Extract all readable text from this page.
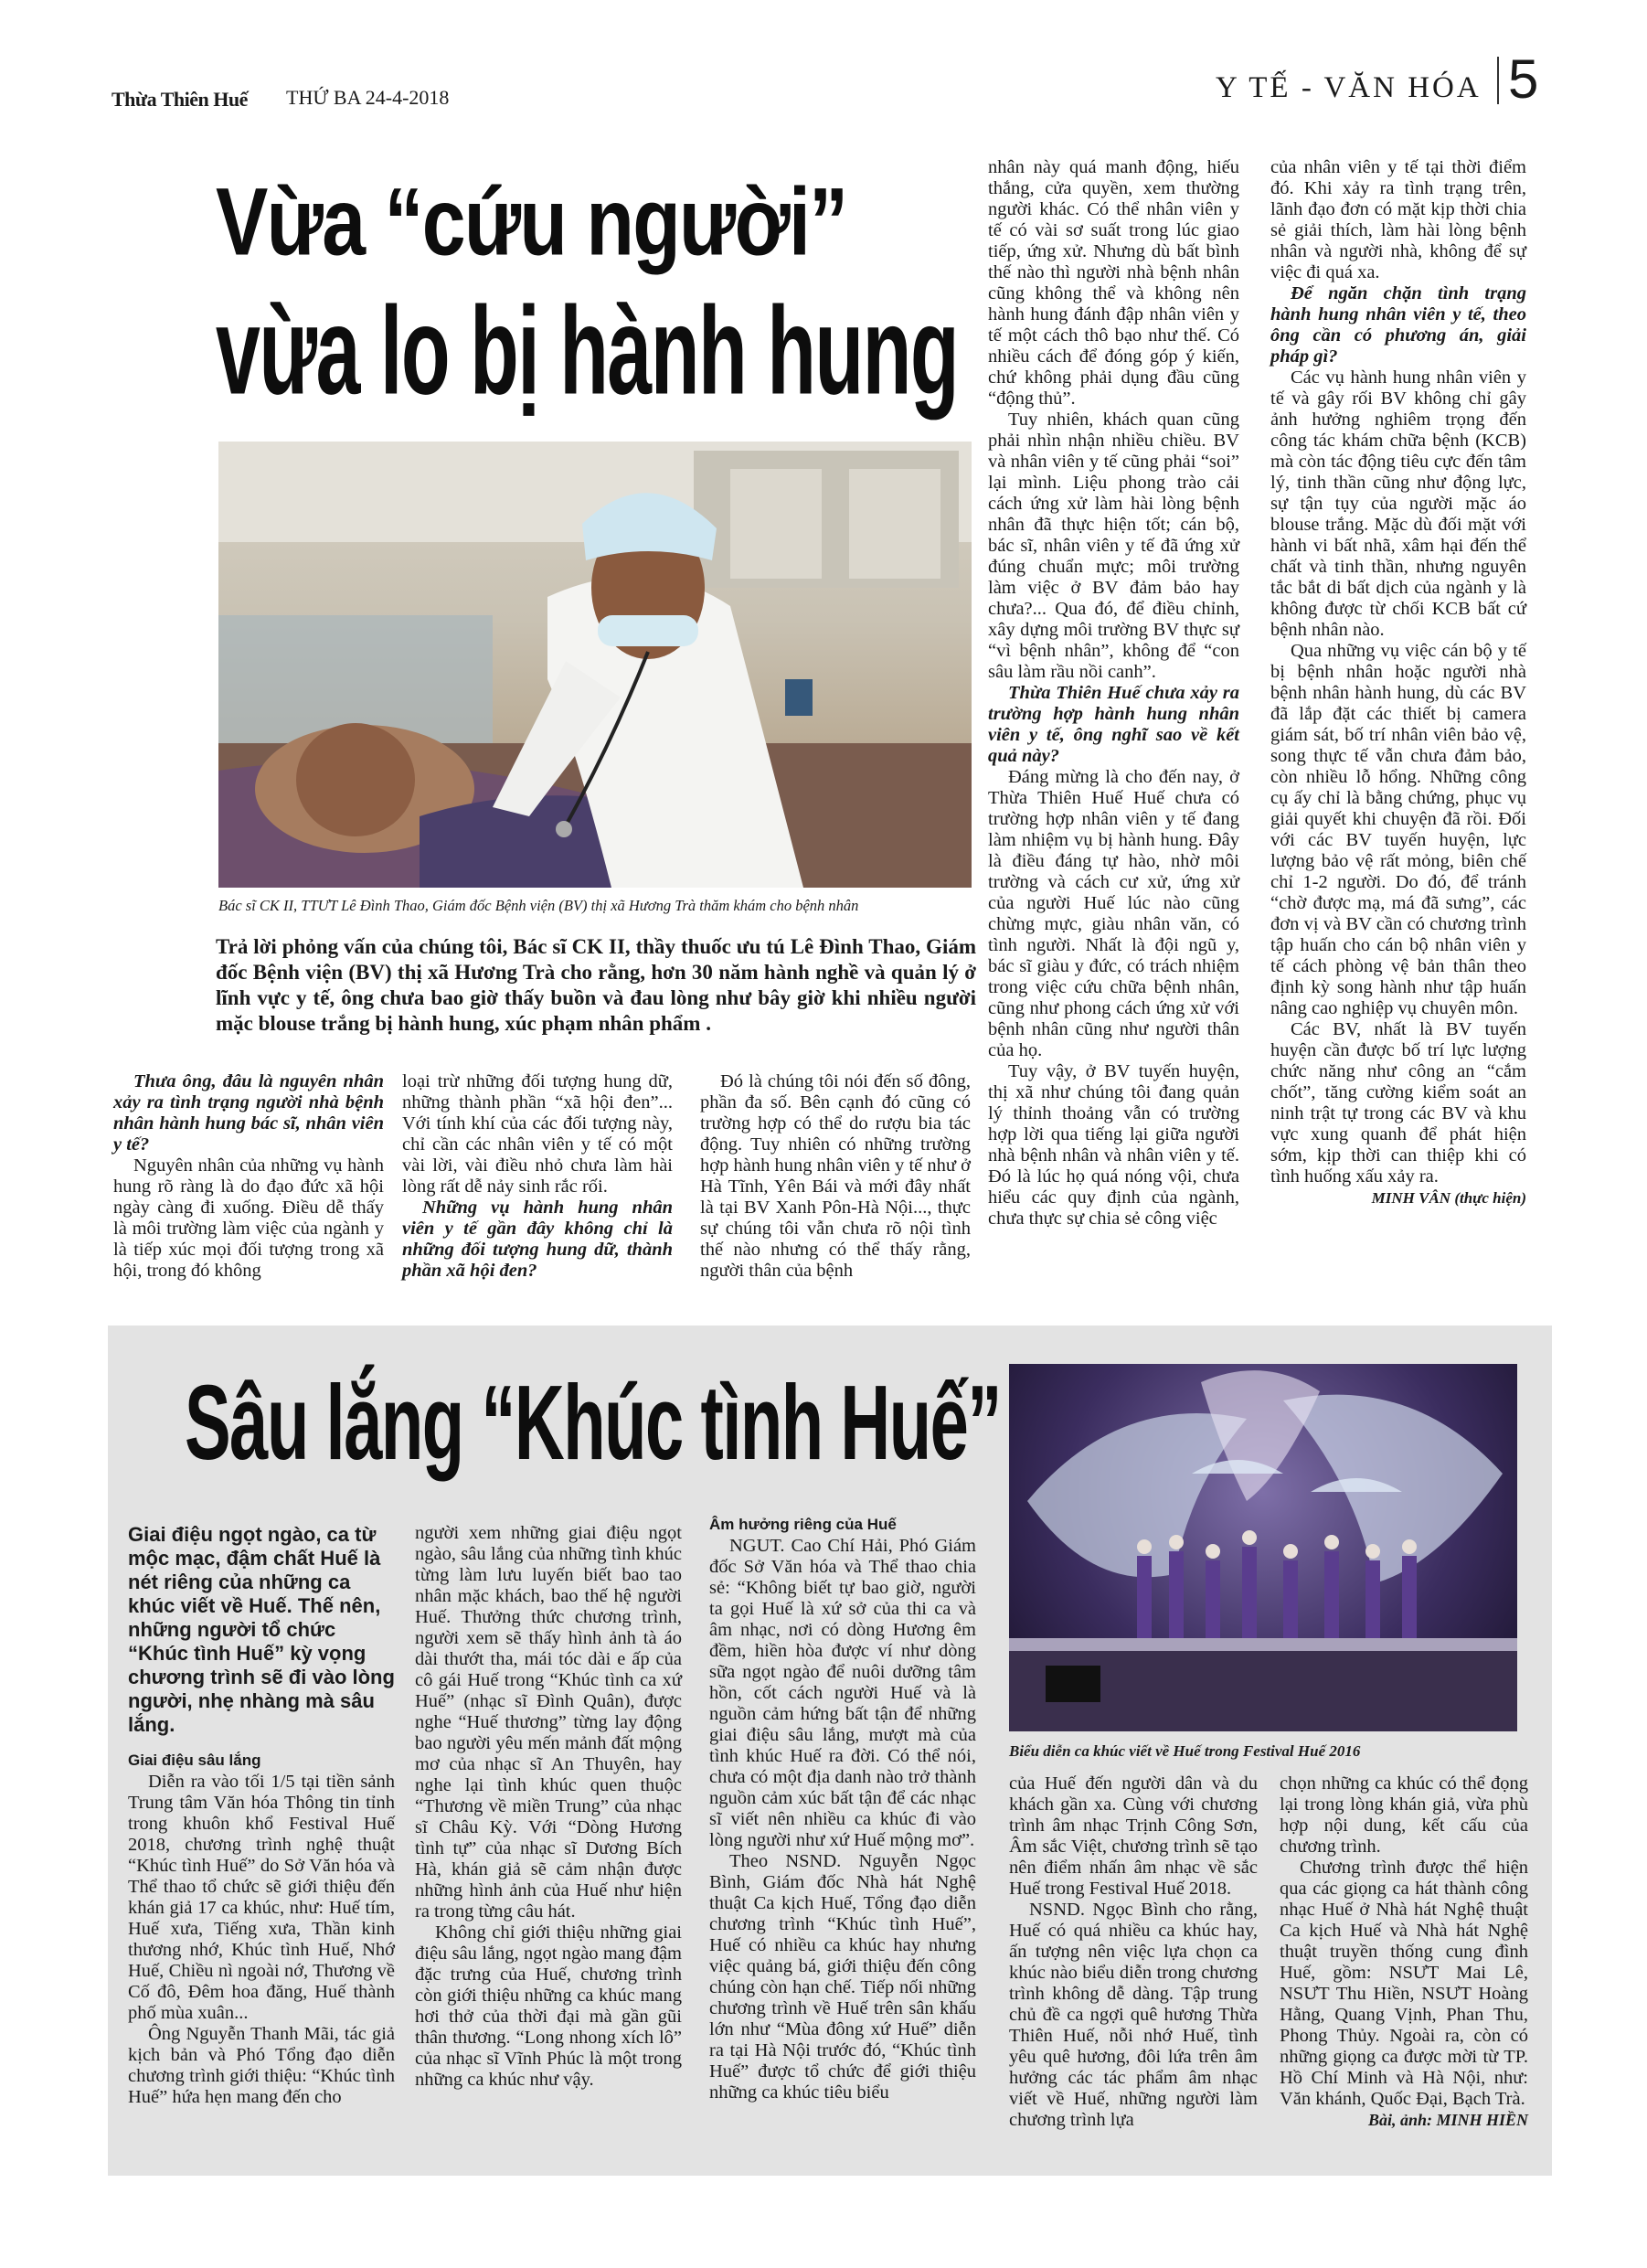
Thừa Thiên Huế THỨ BA 24-4-2018	Y TẾ - VĂN HÓA 5
Vừa “cứu người”
vừa lo bị hành hung
Bác sĩ CK II, TTƯT Lê Đình Thao, Giám đốc Bệnh viện (BV) thị xã Hương Trà thăm khám cho bệnh nhân
Trả lời phỏng vấn của chúng tôi, Bác sĩ CK II, thầy thuốc ưu tú Lê Đình Thao, Giám đốc Bệnh viện (BV) thị xã Hương Trà cho rằng, hơn 30 năm hành nghề và quản lý ở lĩnh vực y tế, ông chưa bao giờ thấy buồn và đau lòng như bây giờ khi nhiều người mặc blouse trắng bị hành hung, xúc phạm nhân phẩm .

Thưa ông, đâu là nguyên nhân xảy ra tình trạng người nhà bệnh nhân hành hung bác sĩ, nhân viên y tế?

Nguyên nhân của những vụ hành hung rõ ràng là do đạo đức xã hội ngày càng đi xuống. Điều dễ thấy là môi trường làm việc của ngành y là tiếp xúc mọi đối tượng trong xã hội, trong đó không

loại trừ những đối tượng hung dữ, những thành phần “xã hội đen”... Với tính khí của các đối tượng này, chỉ cần các nhân viên y tế có một vài lời, vài điều nhỏ chưa làm hài lòng rất dễ nảy sinh rắc rối.

Những vụ hành hung nhân viên y tế gần đây không chỉ là những đối tượng hung dữ, thành phần xã hội đen?

Đó là chúng tôi nói đến số đông, phần đa số. Bên cạnh đó cũng có trường hợp có thể do rượu bia tác động. Tuy nhiên có những trường hợp hành hung nhân viên y tế như ở Hà Tĩnh, Yên Bái và mới đây nhất là tại BV Xanh Pôn-Hà Nội..., thực sự chúng tôi vẫn chưa rõ nội tình thế nào nhưng có thể thấy rằng, người thân của bệnh

nhân này quá manh động, hiếu thắng, cửa quyền, xem thường người khác. Có thể nhân viên y tế có vài sơ suất trong lúc giao tiếp, ứng xử. Nhưng dù bất bình thế nào thì người nhà bệnh nhân cũng không thể và không nên hành hung đánh đập nhân viên y tế một cách thô bạo như thế. Có nhiều cách để đóng góp ý kiến, chứ không phải dụng đầu cũng “động thủ”.

Tuy nhiên, khách quan cũng phải nhìn nhận nhiều chiều. BV và nhân viên y tế cũng phải “soi” lại mình. Liệu phong trào cải cách ứng xử làm hài lòng bệnh nhân đã thực hiện tốt; cán bộ, bác sĩ, nhân viên y tế đã ứng xử đúng chuẩn mực; môi trường làm việc ở BV đảm bảo hay chưa?... Qua đó, để điều chỉnh, xây dựng môi trường BV thực sự “vì bệnh nhân”, không để “con sâu làm rầu nồi canh”.

Thừa Thiên Huế chưa xảy ra trường hợp hành hung nhân viên y tế, ông nghĩ sao về kết quả này?

Đáng mừng là cho đến nay, ở Thừa Thiên Huế Huế chưa có trường hợp nhân viên y tế đang làm nhiệm vụ bị hành hung. Đây là điều đáng tự hào, nhờ môi trường và cách cư xử, ứng xử của người Huế lúc nào cũng chừng mực, giàu nhân văn, có tình người. Nhất là đội ngũ y, bác sĩ giàu y đức, có trách nhiệm trong việc cứu chữa bệnh nhân, cũng như phong cách ứng xử với bệnh nhân cũng như người thân của họ.

Tuy vậy, ở BV tuyến huyện, thị xã như chúng tôi đang quản lý thỉnh thoảng vẫn có trường hợp lời qua tiếng lại giữa người nhà bệnh nhân và nhân viên y tế. Đó là lúc họ quá nóng vội, chưa hiểu các quy định của ngành, chưa thực sự chia sẻ công việc

của nhân viên y tế tại thời điểm đó. Khi xảy ra tình trạng trên, lãnh đạo đơn có mặt kịp thời chia sẻ giải thích, làm hài lòng bệnh nhân và người nhà, không để sự việc đi quá xa.

Để ngăn chặn tình trạng hành hung nhân viên y tế, theo ông cần có phương án, giải pháp gì?

Các vụ hành hung nhân viên y tế và gây rối BV không chỉ gây ảnh hưởng nghiêm trọng đến công tác khám chữa bệnh (KCB) mà còn tác động tiêu cực đến tâm lý, tinh thần cũng như động lực, sự tận tụy của người mặc áo blouse trắng. Mặc dù đối mặt với hành vi bất nhã, xâm hại đến thể chất và tinh thần, nhưng nguyên tắc bắt di bất dịch của ngành y là không được từ chối KCB bất cứ bệnh nhân nào.

Qua những vụ việc cán bộ y tế bị bệnh nhân hoặc người nhà bệnh nhân hành hung, dù các BV đã lắp đặt các thiết bị camera giám sát, bố trí nhân viên bảo vệ, song thực tế vẫn chưa đảm bảo, còn nhiều lỗ hổng. Những công cụ ấy chỉ là bằng chứng, phục vụ giải quyết khi chuyện đã rồi. Đối với các BV tuyến huyện, lực lượng bảo vệ rất mỏng, biên chế chỉ 1-2 người. Do đó, để tránh “chờ được mạ, má đã sưng”, các đơn vị và BV cần có chương trình tập huấn cho cán bộ nhân viên y tế cách phòng vệ bản thân theo định kỳ song hành như tập huấn nâng cao nghiệp vụ chuyên môn.

Các BV, nhất là BV tuyến huyện cần được bố trí lực lượng chức năng như công an “cắm chốt”, tăng cường kiểm soát an ninh trật tự trong các BV và khu vực xung quanh để phát hiện sớm, kịp thời can thiệp khi có tình huống xấu xảy ra.

MINH VÂN (thực hiện)

Sâu lắng “Khúc tình Huế”
Biểu diễn ca khúc viết về Huế trong Festival Huế 2016

Giai điệu ngọt ngào, ca từ mộc mạc, đậm chất Huế là nét riêng của những ca khúc viết về Huế. Thế nên, những người tổ chức “Khúc tình Huế” kỳ vọng chương trình sẽ đi vào lòng người, nhẹ nhàng mà sâu lắng.

Giai điệu sâu lắng

Diễn ra vào tối 1/5 tại tiền sảnh Trung tâm Văn hóa Thông tin tỉnh trong khuôn khổ Festival Huế 2018, chương trình nghệ thuật “Khúc tình Huế” do Sở Văn hóa và Thể thao tổ chức sẽ giới thiệu đến khán giả 17 ca khúc, như: Huế tím, Huế xưa, Tiếng xưa, Thần kinh thương nhớ, Khúc tình Huế, Nhớ Huế, Chiều nì ngoài nớ, Thương về Cố đô, Đêm hoa đăng, Huế thành phố mùa xuân...

Ông Nguyễn Thanh Mãi, tác giả kịch bản và Phó Tổng đạo diễn chương trình giới thiệu: “Khúc tình Huế” hứa hẹn mang đến cho

người xem những giai điệu ngọt ngào, sâu lắng của những tình khúc từng làm lưu luyến biết bao tao nhân mặc khách, bao thế hệ người Huế. Thưởng thức chương trình, người xem sẽ thấy hình ảnh tà áo dài thướt tha, mái tóc dài e ấp của cô gái Huế trong “Khúc tình ca xứ Huế” (nhạc sĩ Đình Quân), được nghe “Huế thương” từng lay động bao người yêu mến mảnh đất mộng mơ của nhạc sĩ An Thuyên, hay nghe lại tình khúc quen thuộc “Thương về miền Trung” của nhạc sĩ Châu Kỳ. Với “Dòng Hương tình tự” của nhạc sĩ Dương Bích Hà, khán giả sẽ cảm nhận được những hình ảnh của Huế như hiện ra trong từng câu hát.

Không chỉ giới thiệu những giai điệu sâu lắng, ngọt ngào mang đậm đặc trưng của Huế, chương trình còn giới thiệu những ca khúc mang hơi thở của thời đại mà gần gũi thân thương. “Long nhong xích lô” của nhạc sĩ Vĩnh Phúc là một trong những ca khúc như vậy.

Âm hưởng riêng của Huế

NGUT. Cao Chí Hải, Phó Giám đốc Sở Văn hóa và Thể thao chia sẻ: “Không biết tự bao giờ, người ta gọi Huế là xứ sở của thi ca và âm nhạc, nơi có dòng Hương êm đềm, hiền hòa được ví như dòng sữa ngọt ngào để nuôi dưỡng tâm hồn, cốt cách người Huế và là nguồn cảm hứng bất tận để những giai điệu sâu lắng, mượt mà của tình khúc Huế ra đời. Có thể nói, chưa có một địa danh nào trở thành nguồn cảm xúc bất tận để các nhạc sĩ viết nên nhiều ca khúc đi vào lòng người như xứ Huế mộng mơ”.

Theo NSND. Nguyễn Ngọc Bình, Giám đốc Nhà hát Nghệ thuật Ca kịch Huế, Tổng đạo diễn chương trình “Khúc tình Huế”, Huế có nhiều ca khúc hay nhưng việc quảng bá, giới thiệu đến công chúng còn hạn chế. Tiếp nối những chương trình về Huế trên sân khấu lớn như “Mùa đông xứ Huế” diễn ra tại Hà Nội trước đó, “Khúc tình Huế” được tổ chức để giới thiệu những ca khúc tiêu biểu

của Huế đến người dân và du khách gần xa. Cùng với chương trình âm nhạc Trịnh Công Sơn, Âm sắc Việt, chương trình sẽ tạo nên điểm nhấn âm nhạc về sắc Huế trong Festival Huế 2018.

NSND. Ngọc Bình cho rằng, Huế có quá nhiều ca khúc hay, ấn tượng nên việc lựa chọn ca khúc nào biểu diễn trong chương trình không dễ dàng. Tập trung chủ đề ca ngợi quê hương Thừa Thiên Huế, nỗi nhớ Huế, tình yêu quê hương, đôi lứa trên âm hưởng các tác phẩm âm nhạc viết về Huế, những người làm chương trình lựa

chọn những ca khúc có thể đọng lại trong lòng khán giả, vừa phù hợp nội dung, kết cấu của chương trình.

Chương trình được thể hiện qua các giọng ca hát thành công nhạc Huế ở Nhà hát Nghệ thuật Ca kịch Huế và Nhà hát Nghệ thuật truyền thống cung đình Huế, gồm: NSƯT Mai Lê, NSƯT Thu Hiền, NSƯT Hoàng Hằng, Quang Vịnh, Phan Thu, Phong Thủy. Ngoài ra, còn có những giọng ca được mời từ TP. Hồ Chí Minh và Hà Nội, như: Văn khánh, Quốc Đại, Bạch Trà.

Bài, ảnh: MINH HIỀN
